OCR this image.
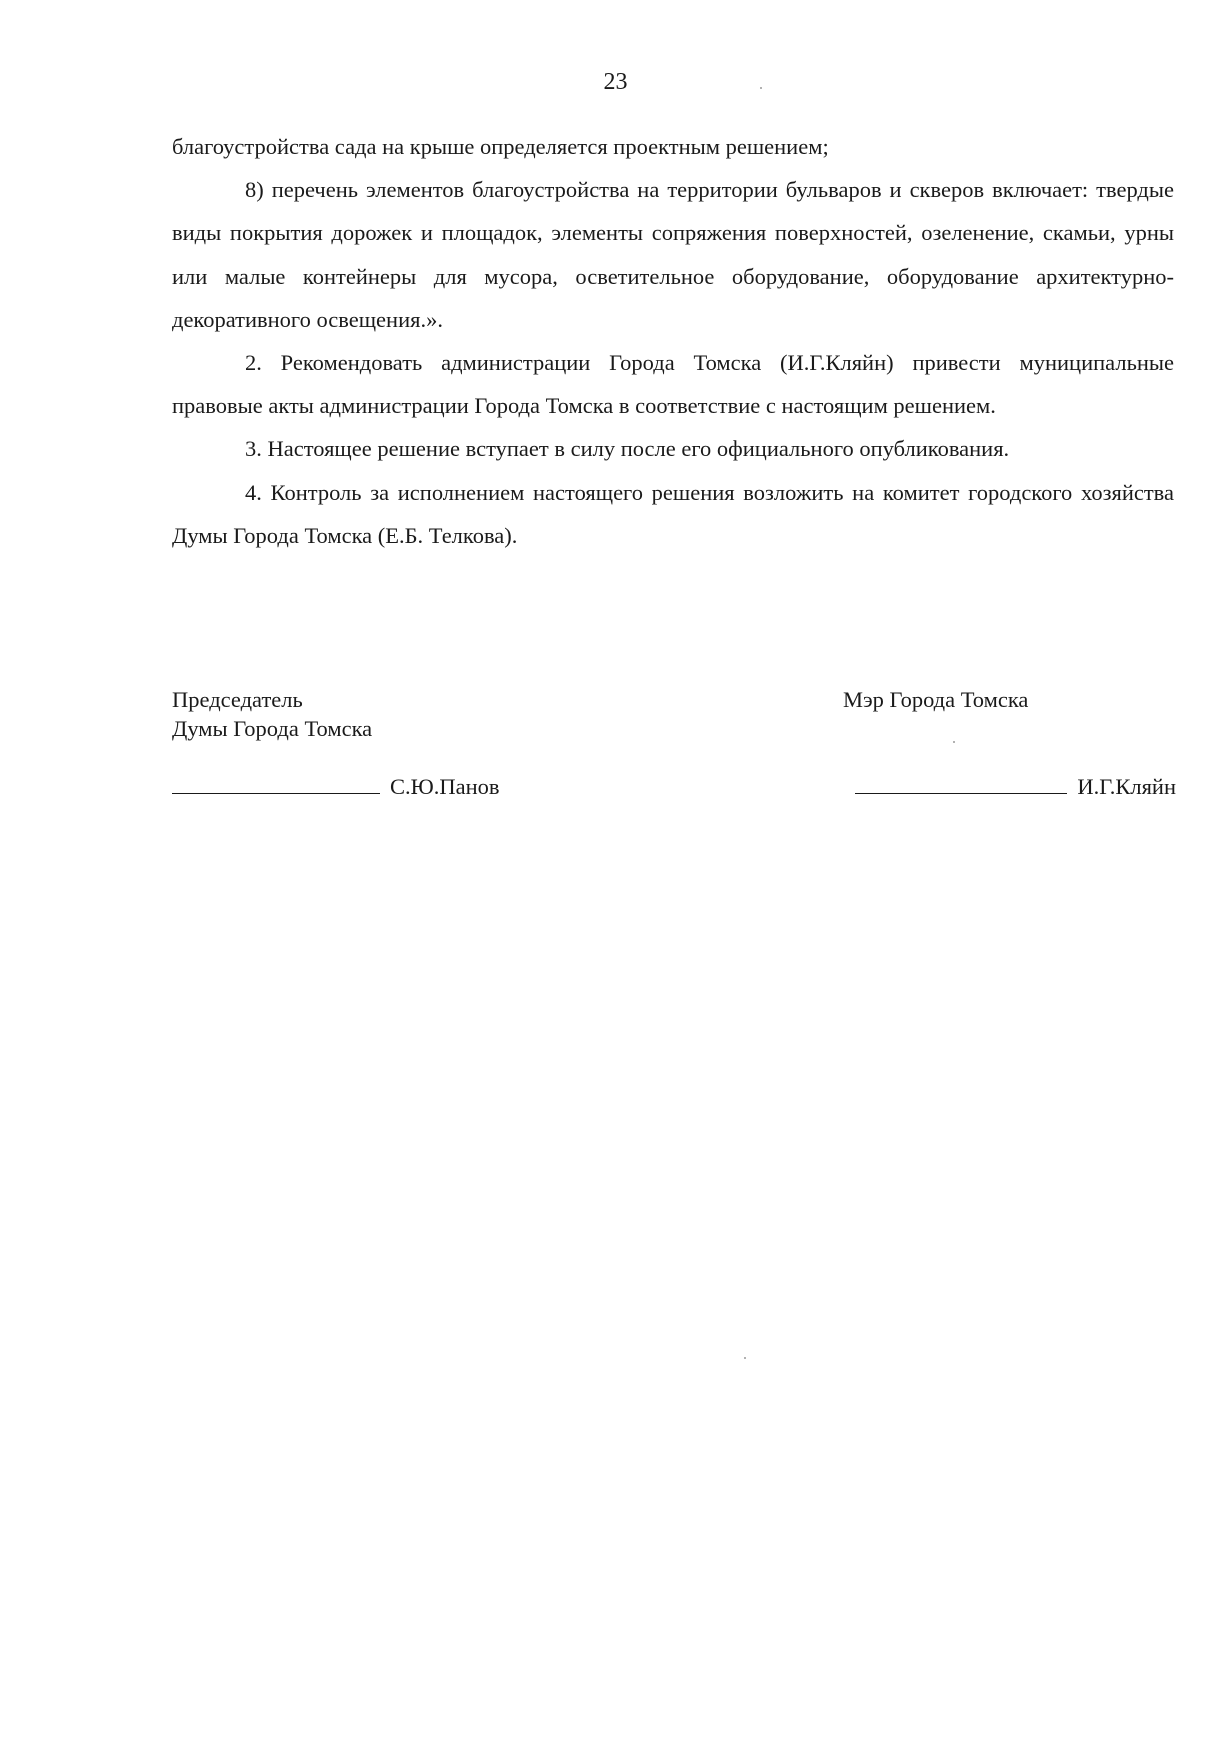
23

благоустройства сада на крыше определяется проектным решением;

8) перечень элементов благоустройства на территории бульваров и скверов включает: твердые виды покрытия дорожек и площадок, элементы сопряжения поверхностей, озеленение, скамьи, урны или малые контейнеры для мусора, осветительное оборудование, оборудование архитектурно-декоративного освещения.».

2. Рекомендовать администрации Города Томска (И.Г.Кляйн) привести муниципальные правовые акты администрации Города Томска в соответствие с настоящим решением.

3. Настоящее решение вступает в силу после его официального опубликования.

4. Контроль за исполнением настоящего решения возложить на комитет городского хозяйства Думы Города Томска (Е.Б. Телкова).

Председатель
Думы Города Томска
С.Ю.Панов
Мэр Города Томска
И.Г.Кляйн
